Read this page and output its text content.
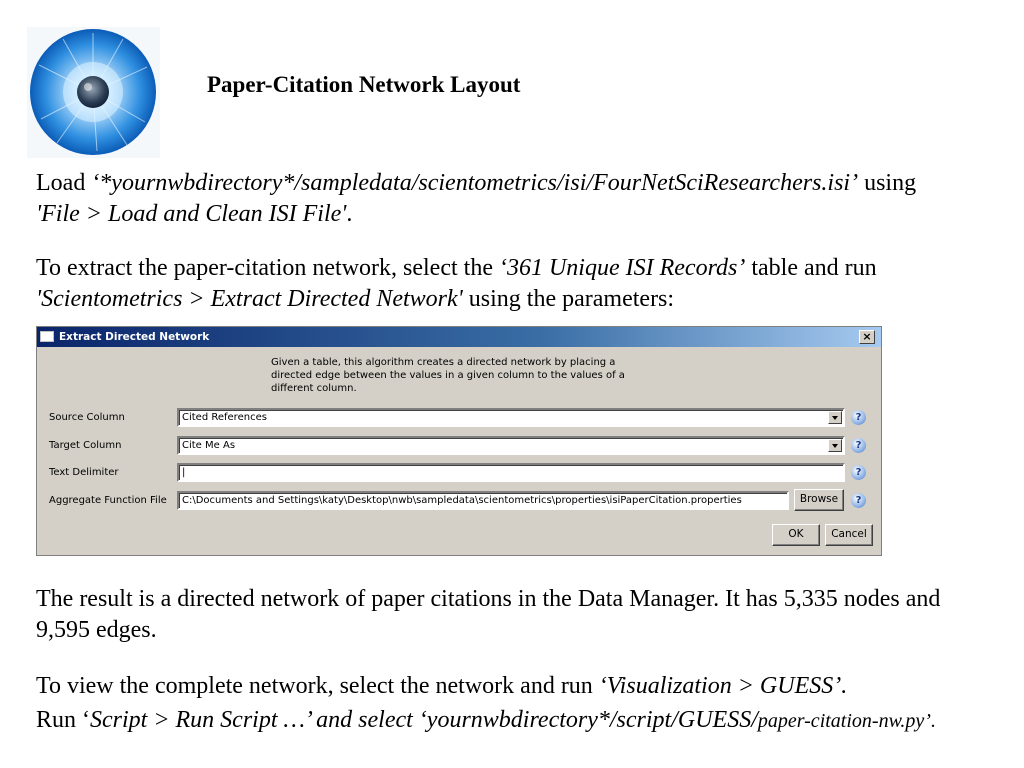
Paper-Citation Network Layout

Load ‘*yournwbdirectory*/sampledata/scientometrics/isi/FourNetSciResearchers.isi’ using
'File > Load and Clean ISI File'.

To extract the paper-citation network, select the ‘361 Unique ISI Records’ table and run
'Scientometrics > Extract Directed Network' using the parameters:

Extract Directed Network	×
Given a table, this algorithm creates a directed network by placing a directed edge between the values in a given column to the values of a different column.
Source Column	Cited References	?
Target Column	Cite Me As	?
Text Delimiter	|	?
Aggregate Function File	C:\Documents and Settings\katy\Desktop\nwb\sampledata\scientometrics\properties\isiPaperCitation.properties	Browse	?
OK	Cancel

The result is a directed network of paper citations in the Data Manager. It has 5,335 nodes and 9,595 edges.

To view the complete network, select the network and run ‘Visualization > GUESS’.
Run ‘Script > Run Script …’ and select ‘yournwbdirectory*/script/GUESS/paper-citation-nw.py’.
